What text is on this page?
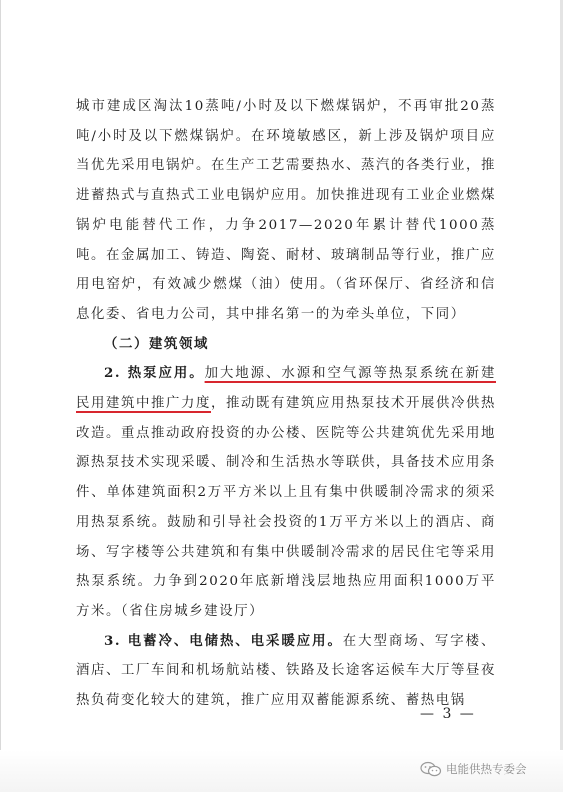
城市建成区淘汰10蒸吨/小时及以下燃煤锅炉，不再审批20蒸吨/小时及以下燃煤锅炉。在环境敏感区，新上涉及锅炉项目应当优先采用电锅炉。在生产工艺需要热水、蒸汽的各类行业，推进蓄热式与直热式工业电锅炉应用。加快推进现有工业企业燃煤锅炉电能替代工作，力争2017—2020年累计替代1000蒸吨。在金属加工、铸造、陶瓷、耐材、玻璃制品等行业，推广应用电窑炉，有效减少燃煤（油）使用。（省环保厅、省经济和信息化委、省电力公司，其中排名第一的为牵头单位，下同）

（二）建筑领域

2. 热泵应用。加大地源、水源和空气源等热泵系统在新建民用建筑中推广力度，推动既有建筑应用热泵技术开展供冷供热改造。重点推动政府投资的办公楼、医院等公共建筑优先采用地源热泵技术实现采暖、制冷和生活热水等联供，具备技术应用条件、单体建筑面积2万平方米以上且有集中供暖制冷需求的须采用热泵系统。鼓励和引导社会投资的1万平方米以上的酒店、商场、写字楼等公共建筑和有集中供暖制冷需求的居民住宅等采用热泵系统。力争到2020年底新增浅层地热应用面积1000万平方米。（省住房城乡建设厅）

3. 电蓄冷、电储热、电采暖应用。在大型商场、写字楼、酒店、工厂车间和机场航站楼、铁路及长途客运候车大厅等昼夜热负荷变化较大的建筑，推广应用双蓄能源系统、蓄热电锅

— 3 —
电能供热专委会
